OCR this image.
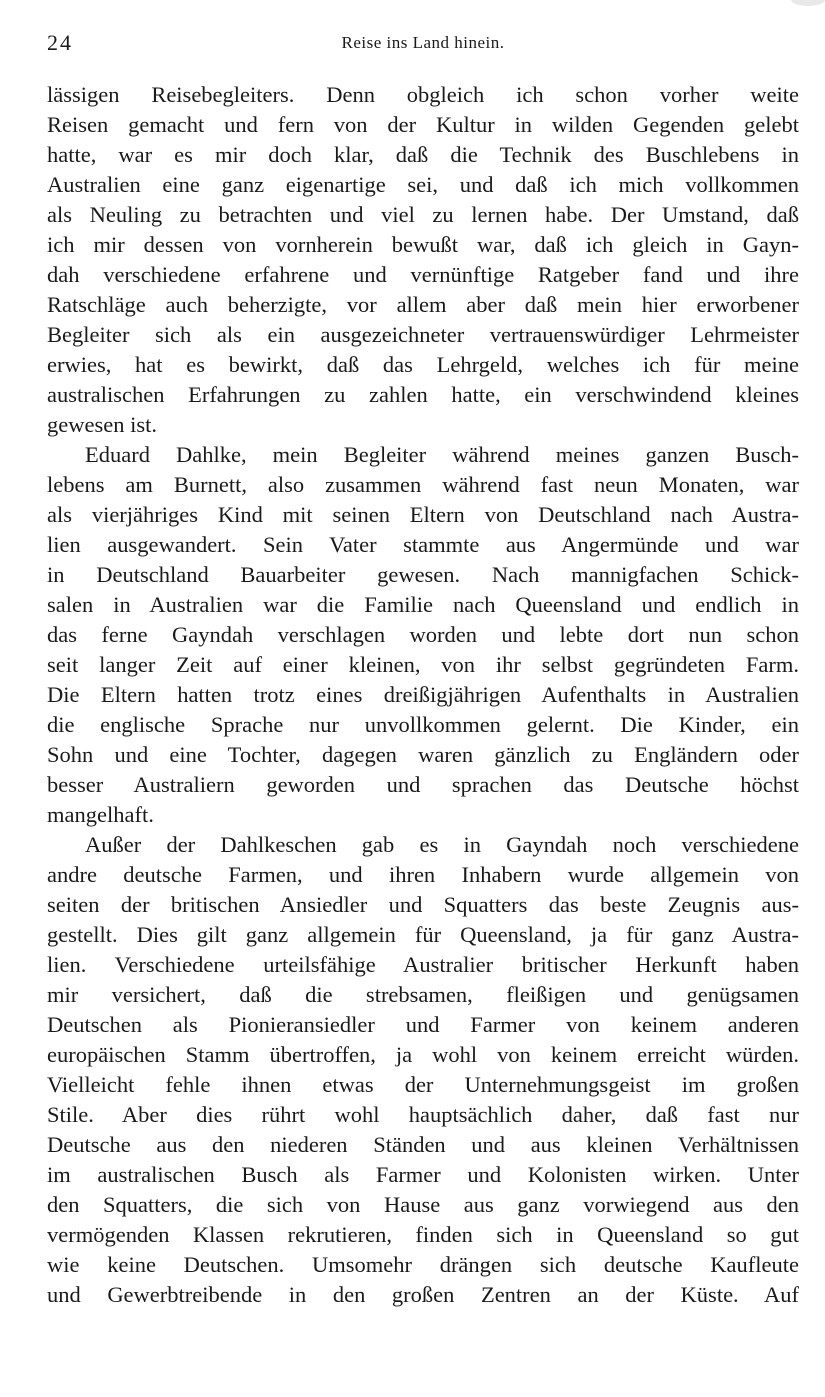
24	Reise ins Land hinein.
lässigen Reisebegleiters. Denn obgleich ich schon vorher weite
Reisen gemacht und fern von der Kultur in wilden Gegenden gelebt
hatte, war es mir doch klar, daß die Technik des Buschlebens in
Australien eine ganz eigenartige sei, und daß ich mich vollkommen
als Neuling zu betrachten und viel zu lernen habe. Der Umstand, daß
ich mir dessen von vornherein bewußt war, daß ich gleich in Gayn-
dah verschiedene erfahrene und vernünftige Ratgeber fand und ihre
Ratschläge auch beherzigte, vor allem aber daß mein hier erworbener
Begleiter sich als ein ausgezeichneter vertrauenswürdiger Lehrmeister
erwies, hat es bewirkt, daß das Lehrgeld, welches ich für meine
australischen Erfahrungen zu zahlen hatte, ein verschwindend kleines
gewesen ist.
Eduard Dahlke, mein Begleiter während meines ganzen Busch-
lebens am Burnett, also zusammen während fast neun Monaten, war
als vierjähriges Kind mit seinen Eltern von Deutschland nach Austra-
lien ausgewandert. Sein Vater stammte aus Angermünde und war
in Deutschland Bauarbeiter gewesen. Nach mannigfachen Schick-
salen in Australien war die Familie nach Queensland und endlich in
das ferne Gayndah verschlagen worden und lebte dort nun schon
seit langer Zeit auf einer kleinen, von ihr selbst gegründeten Farm.
Die Eltern hatten trotz eines dreißigjährigen Aufenthalts in Australien
die englische Sprache nur unvollkommen gelernt. Die Kinder, ein
Sohn und eine Tochter, dagegen waren gänzlich zu Engländern oder
besser Australiern geworden und sprachen das Deutsche höchst
mangelhaft.
Außer der Dahlkeschen gab es in Gayndah noch verschiedene
andre deutsche Farmen, und ihren Inhabern wurde allgemein von
seiten der britischen Ansiedler und Squatters das beste Zeugnis aus-
gestellt. Dies gilt ganz allgemein für Queensland, ja für ganz Austra-
lien. Verschiedene urteilsfähige Australier britischer Herkunft haben
mir versichert, daß die strebsamen, fleißigen und genügsamen
Deutschen als Pionieransiedler und Farmer von keinem anderen
europäischen Stamm übertroffen, ja wohl von keinem erreicht würden.
Vielleicht fehle ihnen etwas der Unternehmungsgeist im großen
Stile. Aber dies rührt wohl hauptsächlich daher, daß fast nur
Deutsche aus den niederen Ständen und aus kleinen Verhältnissen
im australischen Busch als Farmer und Kolonisten wirken. Unter
den Squatters, die sich von Hause aus ganz vorwiegend aus den
vermögenden Klassen rekrutieren, finden sich in Queensland so gut
wie keine Deutschen. Umsomehr drängen sich deutsche Kaufleute
und Gewerbtreibende in den großen Zentren an der Küste. Auf
